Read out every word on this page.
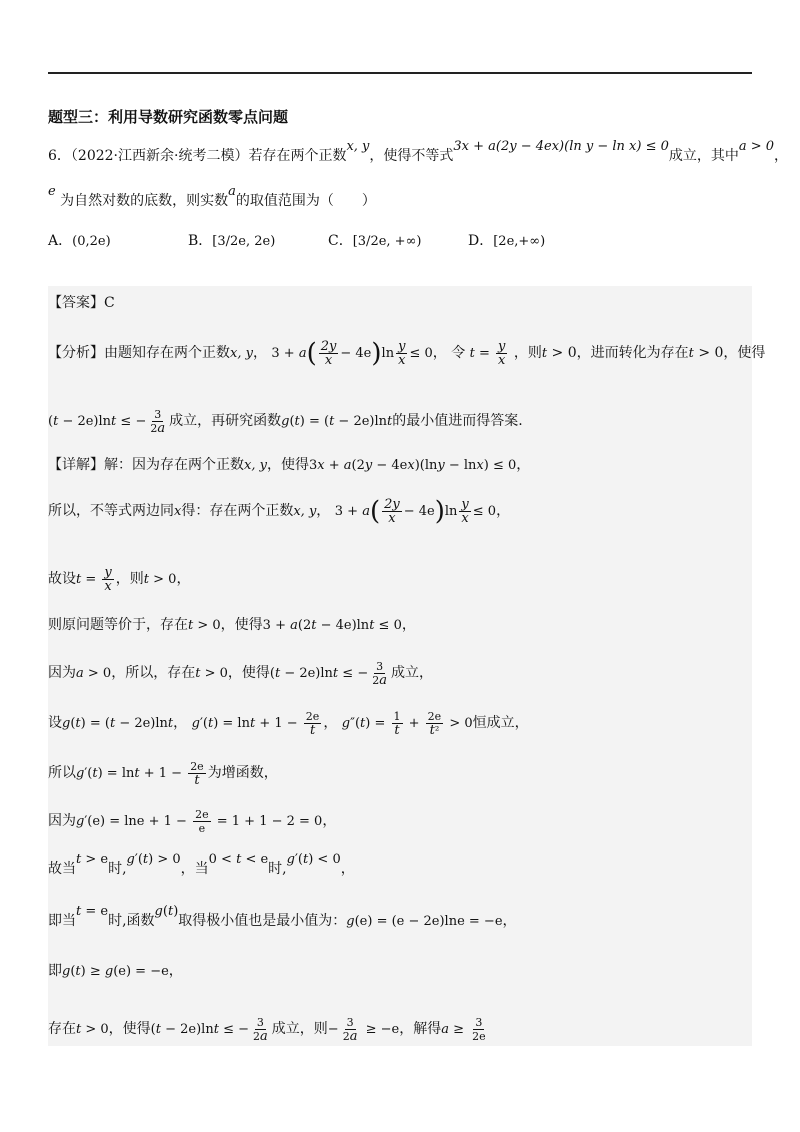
题型三：利用导数研究函数零点问题
6．（2022·江西新余·统考二模）若存在两个正数x, y，使得不等式3x + a(2y − 4ex)(ln y − ln x) ≤ 0成立，其中a > 0，
e 为自然对数的底数，则实数a的取值范围为（　　）
A．(0,2e)	B．[3/2e, 2e)	C．[3/2e, +∞)	D．[2e,+∞)
【答案】C
【分析】由题知存在两个正数x, y， $3 + a( \frac{2y}{x} - 4e)\ln \frac{y}{x} \le 0$， 令 $t = \frac{y}{x}$ ，则t > 0，进而转化为存在t > 0，使得
(t − 2e)lnt ≤ − $\frac{3}{2a}$ 成立，再研究函数g(t) = (t − 2e)lnt的最小值进而得答案.
【详解】解：因为存在两个正数x, y，使得3x + a(2y − 4ex)(lny − lnx) ≤ 0，
所以，不等式两边同x得：存在两个正数x, y， $3 + a( \frac{2y}{x} - 4e)\ln \frac{y}{x} \le 0$，
故设$t = \frac{y}{x}$ ，则t > 0，
则原问题等价于，存在t > 0，使得3 + a(2t − 4e)lnt ≤ 0，
因为a > 0，所以，存在t > 0，使得(t − 2e)lnt ≤ − $\frac{3}{2a}$ 成立，
设g(t) = (t − 2e)lnt， $g'(t) = \ln t + 1 - \frac{2e}{t}$ ， $g''(t) = \frac{1}{t} + \frac{2e}{\text{t²}} > 0$恒成立，
所以$g'(t) = \ln t + 1 - \frac{2e}{t}$ 为增函数，
因为$g'(e) = \ln e + 1 - \frac{2e}{e} = 1 + 1 - 2 = 0$，
故当t > e时,g′(t) > 0，当0 < t < e时,g′(t) < 0，
即当t = e时,函数g(t)取得极小值也是最小值为：g(e) = (e − 2e)lne = −e，
即g(t) ≥ g(e) = −e，
存在t > 0，使得(t − 2e)lnt ≤ − $\frac{3}{2a}$ 成立，则− $\frac{3}{2a} \ge -e$，解得$a \ge \frac{3}{2e}$
